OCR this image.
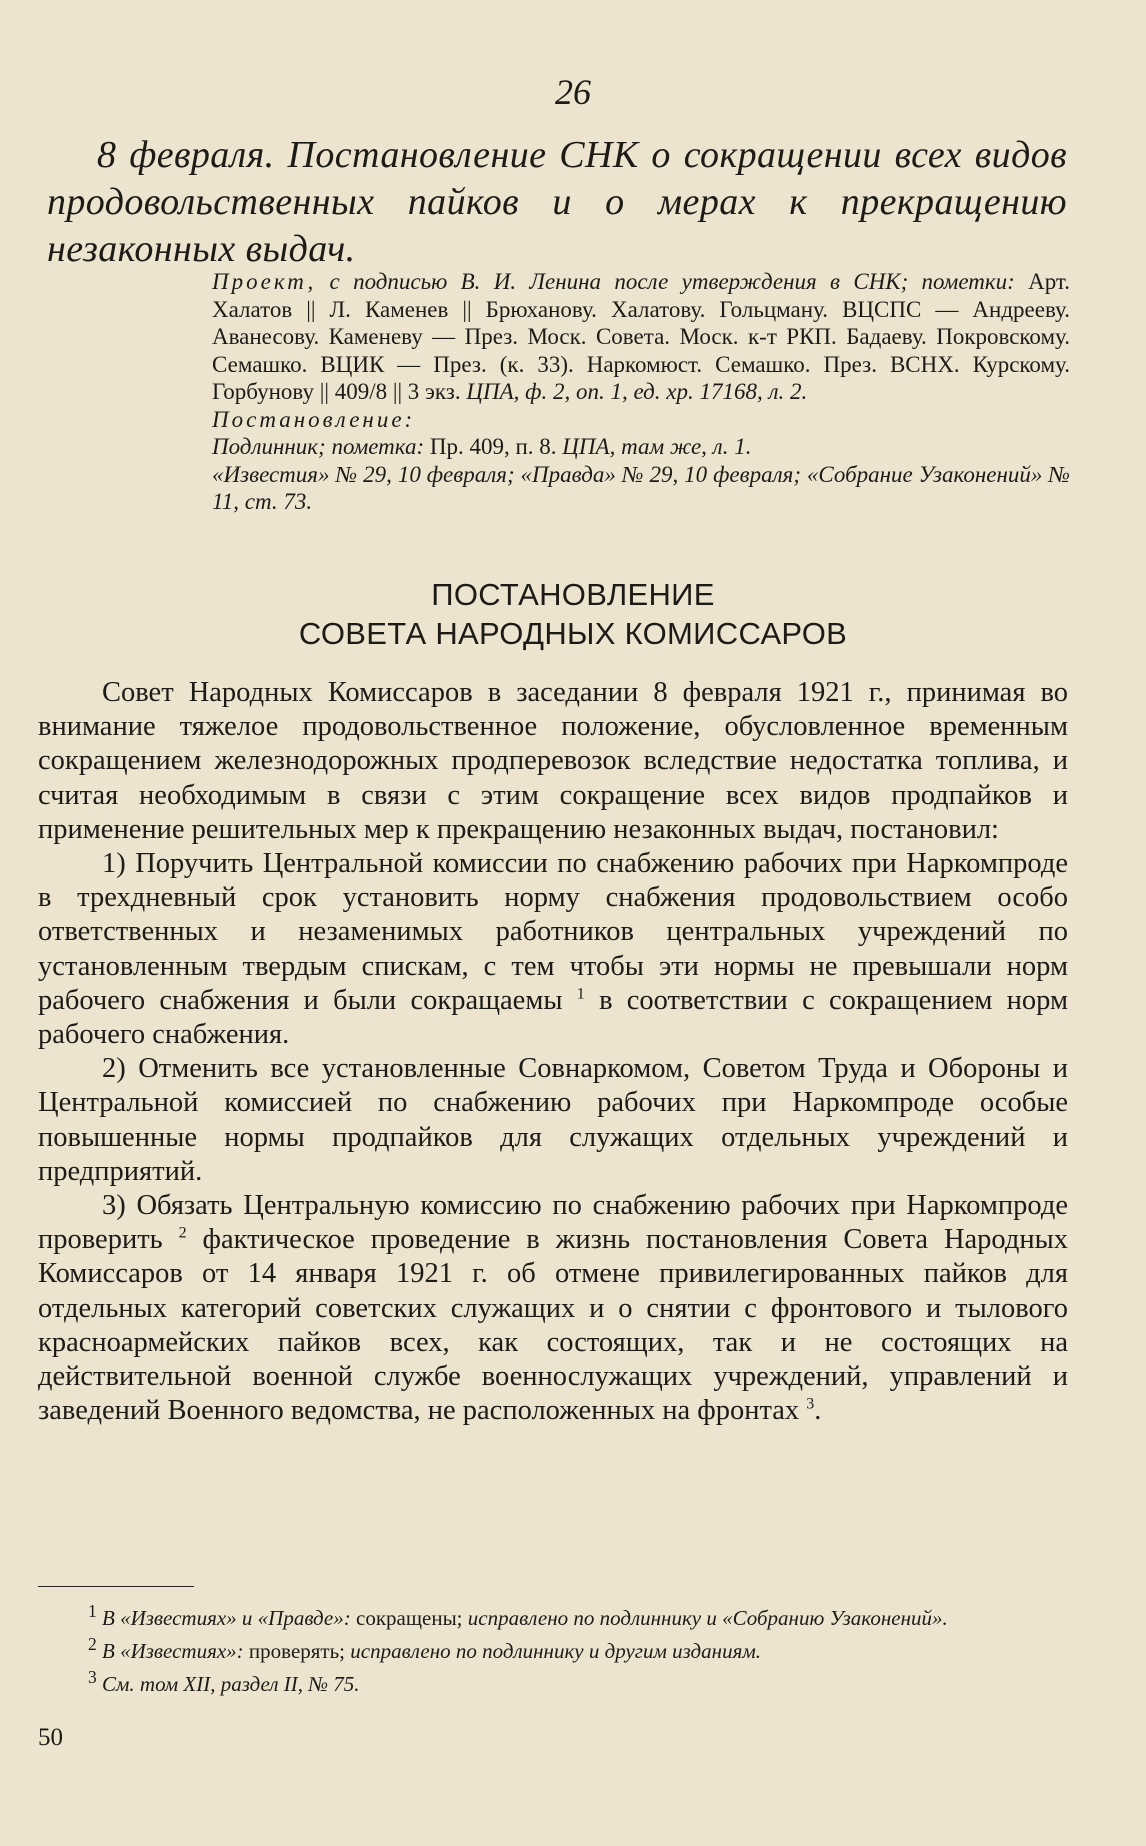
26
8 февраля. Постановление СНК о сокращении всех видов продовольственных пайков и о мерах к прекращению незаконных выдач.

Проект, с подписью В. И. Ленина после утверждения в СНК; пометки: Арт. Халатов || Л. Каменев || Брюханову. Халатову. Гольцману. ВЦСПС — Андрееву. Аванесову. Каменеву — През. Моск. Совета. Моск. к-т РКП. Бадаеву. Покровскому. Семашко. ВЦИК — През. (к. 33). Наркомюст. Семашко. През. ВСНХ. Курскому. Горбунову || 409/8 || 3 экз. ЦПА, ф. 2, оп. 1, ед. хр. 17168, л. 2.

Постановление:

Подлинник; пометка: Пр. 409, п. 8. ЦПА, там же, л. 1.

«Известия» № 29, 10 февраля; «Правда» № 29, 10 февраля; «Собрание Узаконений» № 11, ст. 73.

ПОСТАНОВЛЕНИЕ
СОВЕТА НАРОДНЫХ КОМИССАРОВ

Совет Народных Комиссаров в заседании 8 февраля 1921 г., принимая во внимание тяжелое продовольственное положение, обусловленное временным сокращением железнодорожных продперевозок вследствие недостатка топлива, и считая необходимым в связи с этим сокращение всех видов продпайков и применение решительных мер к прекращению незаконных выдач, постановил:

1) Поручить Центральной комиссии по снабжению рабочих при Наркомпроде в трехдневный срок установить норму снабжения продовольствием особо ответственных и незаменимых работников центральных учреждений по установленным твердым спискам, с тем чтобы эти нормы не превышали норм рабочего снабжения и были сокращаемы $^1$ в соответствии с сокращением норм рабочего снабжения.

2) Отменить все установленные Совнаркомом, Советом Труда и Обороны и Центральной комиссией по снабжению рабочих при Наркомпроде особые повышенные нормы продпайков для служащих отдельных учреждений и предприятий.

3) Обязать Центральную комиссию по снабжению рабочих при Наркомпроде проверить $^2$ фактическое проведение в жизнь постановления Совета Народных Комиссаров от 14 января 1921 г. об отмене привилегированных пайков для отдельных категорий советских служащих и о снятии с фронтового и тылового красноармейских пайков всех, как состоящих, так и не состоящих на действительной военной службе военнослужащих учреждений, управлений и заведений Военного ведомства, не расположенных на фронтах $^3$.

$^1$ В «Известиях» и «Правде»: сокращены; исправлено по подлиннику и «Собранию Узаконений».

$^2$ В «Известиях»: проверять; исправлено по подлиннику и другим изданиям.

$^3$ См. том XII, раздел II, № 75.

50
